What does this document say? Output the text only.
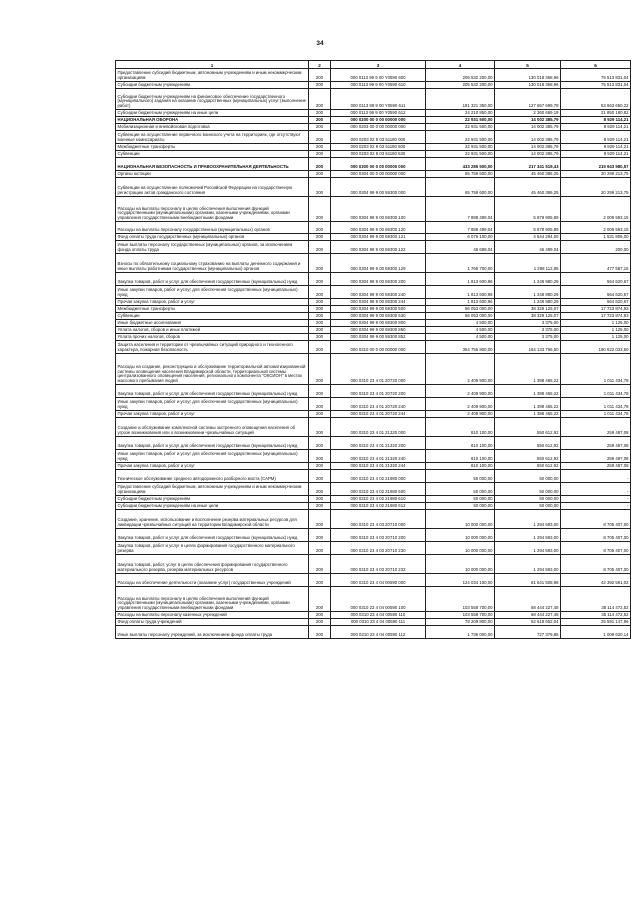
34
1	2	3	4	5	6
Предоставление субсидий бюджетным, автономным учреждениям и иным некоммерческим организациям	200	000 0113 99 9 00 Y0590 600	205 532 200,00	130 018 368,96	75 513 831,04
Субсидии бюджетным учреждениям	200	000 0113 99 9 00 Y0590 610	205 532 200,00	130 018 368,96	75 513 831,04
Субсидии бюджетным учреждениям на финансовое обеспечение государственного (муниципального) задания на оказание государственных (муниципальных) услуг (выполнение работ)	200	000 0113 99 9 00 Y0590 611	181 321 350,00	127 657 699,78	53 663 650,22
Субсидии бюджетным учреждениям на иные цели	200	000 0113 99 9 00 Y0590 612	24 210 850,00	2 360 669,18	21 850 180,82
НАЦИОНАЛЬНАЯ ОБОРОНА	200	000 0200 00 0 00 00000 000	22 931 500,00	14 002 385,79	8 929 114,21
Мобилизационная и вневойсковая подготовка	200	000 0203 00 0 00 00000 000	22 931 500,00	14 002 385,79	8 929 114,21
Субвенции на осуществление первичного воинского учета на территориях, где отсутствуют военные комиссариаты	200	000 0203 02 8 03 51180 000	22 931 500,00	14 002 385,79	8 929 114,21
Межбюджетные трансферты	200	000 0203 02 8 03 51180 500	22 931 500,00	14 002 385,79	8 929 114,21
Субвенции	200	000 0203 02 8 03 51180 530	22 931 500,00	14 002 385,79	8 929 114,21
НАЦИОНАЛЬНАЯ БЕЗОПАСНОСТЬ И ПРАВООХРАНИТЕЛЬНАЯ ДЕЯТЕЛЬНОСТЬ	200	000 0300 00 0 00 00000 000	433 285 500,00	217 341 519,43	215 943 980,57
Органы юстиции	200	000 0304 00 0 00 00000 000	65 759 600,00	45 460 386,25	20 299 213,75
Субвенции на осуществление полномочий Российской Федерации на государственную регистрацию актов гражданского состояния	200	000 0304 99 9 00 59300 000	65 759 600,00	45 460 386,25	20 299 213,75
Расходы на выплаты персоналу в целях обеспечения выполнения функций государственными (муниципальными) органами, казенными учреждениями, органами управления государственными внебюджетными фондами	200	000 0304 99 9 00 59300 100	7 888 499,04	5 878 905,89	2 009 593,15
Расходы на выплаты персоналу государственных (муниципальных) органов	200	000 0304 99 9 00 59300 120	7 888 499,04	5 878 905,89	2 009 593,15
Фонд оплаты труда государственных (муниципальных) органов	200	000 0304 99 9 00 59300 121	6 076 100,00	4 544 294,00	1 531 806,00
Иные выплаты персоналу государственных (муниципальных) органов, за исключением фонда оплаты труда	200	000 0304 99 9 00 59300 122	46 699,04	46 499,04	200,00
Взносы по обязательному социальному страхованию на выплаты денежного содержания и иные выплаты работникам государственных (муниципальных) органов	200	000 0304 99 9 00 59300 129	1 765 700,00	1 288 112,85	477 587,15
Закупка товаров, работ и услуг для обеспечения государственных (муниципальных) нужд	200	000 0304 99 9 00 59300 200	1 813 600,96	1 248 980,29	564 620,67
Иные закупки товаров, работ и услуг для обеспечения государственных (муниципальных) нужд	200	000 0304 99 9 00 59300 240	1 813 600,96	1 248 980,29	564 620,67
Прочая закупка товаров, работ и услуг	200	000 0304 99 9 00 59300 244	1 813 600,96	1 248 980,29	564 620,67
Межбюджетные трансферты	200	000 0304 99 9 00 59300 500	56 053 000,00	38 329 125,07	17 723 874,93
Субвенции	200	000 0304 99 9 00 59300 530	56 053 000,00	38 329 125,07	17 723 874,93
Иные бюджетные ассигнования	200	000 0304 99 9 00 59300 800	4 500,00	3 375,00	1 125,00
Уплата налогов, сборов и иных платежей	200	000 0304 99 9 00 59300 850	4 500,00	3 375,00	1 125,00
Уплата прочих налогов, сборов	200	000 0304 99 9 00 59300 852	4 500,00	3 375,00	1 125,00
Защита населения и территории от чрезвычайных ситуаций природного и техногенного характера, пожарная безопасность	200	000 0310 00 0 00 00000 000	354 755 800,00	164 133 766,50	190 622 033,50
Расходы на создание, реконструкцию и обслуживание территориальной автоматизированной системы оповещения населения Владимирской области, территориальной системы централизованного оповещения населения, регионального компонента "ОКСИОН" в местах массового пребывания людей	200	000 0310 23 4 01 20720 000	2 409 900,00	1 398 465,22	1 011 434,78
Закупка товаров, работ и услуг для обеспечения государственных (муниципальных) нужд	200	000 0310 23 4 01 20720 200	2 409 900,00	1 398 465,22	1 011 434,78
Иные закупки товаров, работ и услуг для обеспечения государственных (муниципальных) нужд	200	000 0310 23 4 01 20720 240	2 409 900,00	1 398 465,22	1 011 434,78
Прочая закупка товаров, работ и услуг	200	000 0310 23 4 01 20720 244	2 409 900,00	1 398 465,22	1 011 434,78
Создание и обслуживание комплексной системы экстренного оповещения населения об угрозе возникновения или о возникновении чрезвычайных ситуаций	200	000 0310 23 4 01 21320 000	810 100,00	550 612,92	259 487,08
Закупка товаров, работ и услуг для обеспечения государственных (муниципальных) нужд	200	000 0310 23 4 01 21320 200	810 100,00	550 612,92	259 487,08
Иные закупки товаров, работ и услуг для обеспечения государственных (муниципальных) нужд	200	000 0310 23 4 01 21320 240	810 100,00	550 612,92	259 487,08
Прочая закупка товаров, работ и услуг	200	000 0310 23 4 01 21320 244	810 100,00	550 612,92	259 487,08
Техническое обслуживание среднего автодорожного разборного моста (САРМ)	200	000 0310 23 4 02 21980 000	50 000,00	50 000,00	-
Предоставление субсидий бюджетным, автономным учреждениям и иным некоммерческим организациям	200	000 0310 23 4 02 21980 600	50 000,00	50 000,00	-
Субсидии бюджетным учреждениям	200	000 0310 23 4 02 21980 610	50 000,00	50 000,00	-
Субсидии бюджетным учреждениям на иные цели	200	000 0310 23 4 02 21980 612	50 000,00	50 000,00	-
Создание, хранение, использование и восполнение резерва материальных ресурсов для ликвидации чрезвычайных ситуаций на территории Владимирской области	200	000 0310 23 4 03 20710 000	10 000 000,00	1 294 593,00	8 705 407,00
Закупка товаров, работ и услуг для обеспечения государственных (муниципальных) нужд	200	000 0310 23 4 03 20710 200	10 000 000,00	1 294 593,00	8 705 407,00
Закупка товаров, работ и услуг в целях формирования государственного материального резерва	200	000 0310 23 4 03 20710 230	10 000 000,00	1 294 593,00	8 705 407,00
Закупка товаров, работ, услуг в целях обеспечения формирования государственного материального резерва, резерва материальных ресурсов	200	000 0310 23 4 03 20710 232	10 000 000,00	1 294 593,00	8 705 407,00
Расходы на обеспечение деятельности (оказание услуг) государственных учреждений	200	000 0310 23 4 04 00590 000	124 034 100,00	81 641 508,98	42 392 591,02
Расходы на выплаты персоналу в целях обеспечения выполнения функций государственными (муниципальными) органами, казенными учреждениями, органами управления государственными внебюджетными фондами	200	000 0310 23 4 04 00590 100	103 558 700,00	68 444 227,48	35 114 472,52
Расходы на выплаты персоналу казенных учреждений	200	000 0310 23 4 04 00590 110	103 558 700,00	68 444 227,48	35 114 472,52
Фонд оплаты труда учреждений	200	000 0310 23 4 04 00590 111	78 209 800,00	52 618 652,04	25 591 147,96
Иные выплаты персоналу учреждений, за исключением фонда оплаты труда	200	000 0310 23 4 04 00590 112	1 736 000,00	727 379,86	1 008 620,14
